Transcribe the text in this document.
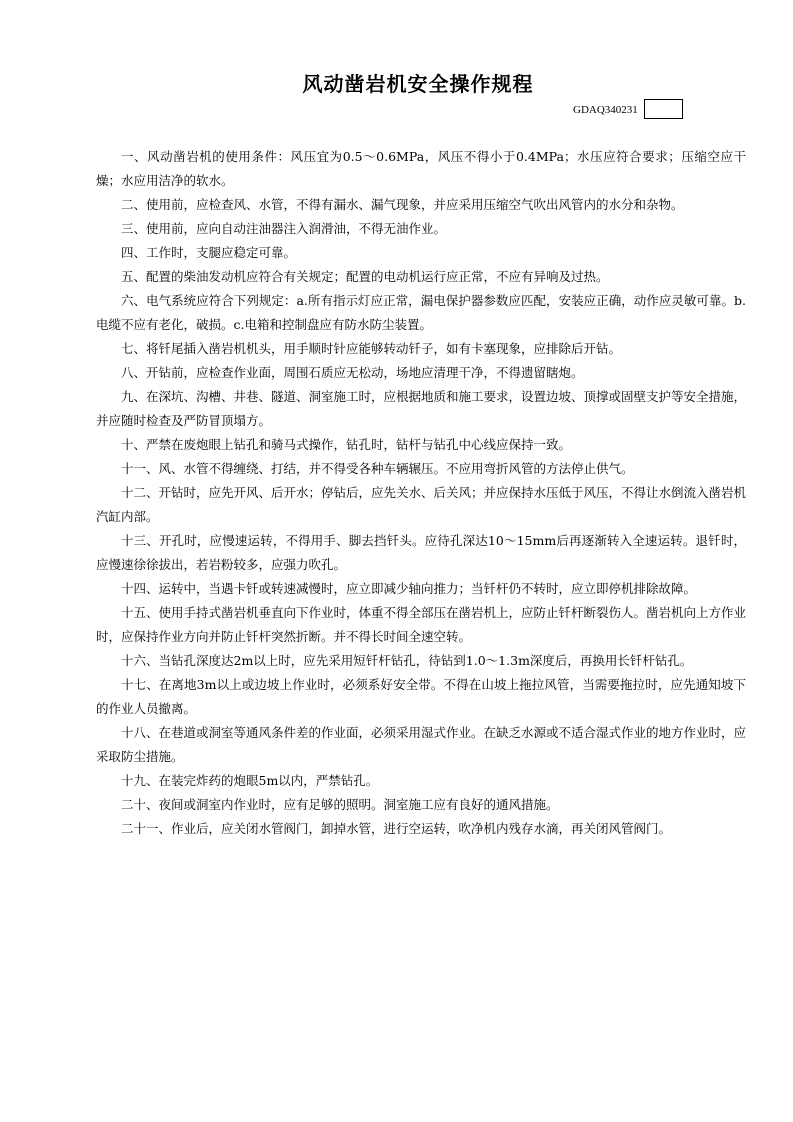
风动凿岩机安全操作规程
GDAQ340231

一、风动凿岩机的使用条件：风压宜为0.5～0.6MPa，风压不得小于0.4MPa；水压应符合要求；压缩空应干燥；水应用洁净的软水。

二、使用前，应检查风、水管，不得有漏水、漏气现象，并应采用压缩空气吹出风管内的水分和杂物。

三、使用前，应向自动注油器注入润滑油，不得无油作业。

四、工作时，支腿应稳定可靠。

五、配置的柴油发动机应符合有关规定；配置的电动机运行应正常，不应有异响及过热。

六、电气系统应符合下列规定：a.所有指示灯应正常，漏电保护器参数应匹配，安装应正确，动作应灵敏可靠。b.电缆不应有老化，破损。c.电箱和控制盘应有防水防尘装置。

七、将钎尾插入凿岩机机头，用手顺时针应能够转动钎子，如有卡塞现象，应排除后开钻。

八、开钻前，应检查作业面，周围石质应无松动，场地应清理干净，不得遗留瞎炮。

九、在深坑、沟槽、井巷、隧道、洞室施工时，应根据地质和施工要求，设置边坡、顶撑或固壁支护等安全措施，并应随时检查及严防冒顶塌方。

十、严禁在废炮眼上钻孔和骑马式操作，钻孔时，钻杆与钻孔中心线应保持一致。

十一、风、水管不得缠绕、打结，并不得受各种车辆辗压。不应用弯折风管的方法停止供气。

十二、开钻时，应先开风、后开水；停钻后，应先关水、后关风；并应保持水压低于风压，不得让水倒流入凿岩机汽缸内部。

十三、开孔时，应慢速运转，不得用手、脚去挡钎头。应待孔深达10～15mm后再逐渐转入全速运转。退钎时，应慢速徐徐拔出，若岩粉较多，应强力吹孔。

十四、运转中，当遇卡钎或转速减慢时，应立即减少轴向推力；当钎杆仍不转时，应立即停机排除故障。

十五、使用手持式凿岩机垂直向下作业时，体重不得全部压在凿岩机上，应防止钎杆断裂伤人。凿岩机向上方作业时，应保持作业方向并防止钎杆突然折断。并不得长时间全速空转。

十六、当钻孔深度达2m以上时，应先采用短钎杆钻孔，待钻到1.0～1.3m深度后，再换用长钎杆钻孔。

十七、在离地3m以上或边坡上作业时，必须系好安全带。不得在山坡上拖拉风管，当需要拖拉时，应先通知坡下的作业人员撤离。

十八、在巷道或洞室等通风条件差的作业面，必须采用湿式作业。在缺乏水源或不适合湿式作业的地方作业时，应采取防尘措施。

十九、在装完炸药的炮眼5m以内，严禁钻孔。

二十、夜间或洞室内作业时，应有足够的照明。洞室施工应有良好的通风措施。

二十一、作业后，应关闭水管阀门，卸掉水管，进行空运转，吹净机内残存水滴，再关闭风管阀门。
